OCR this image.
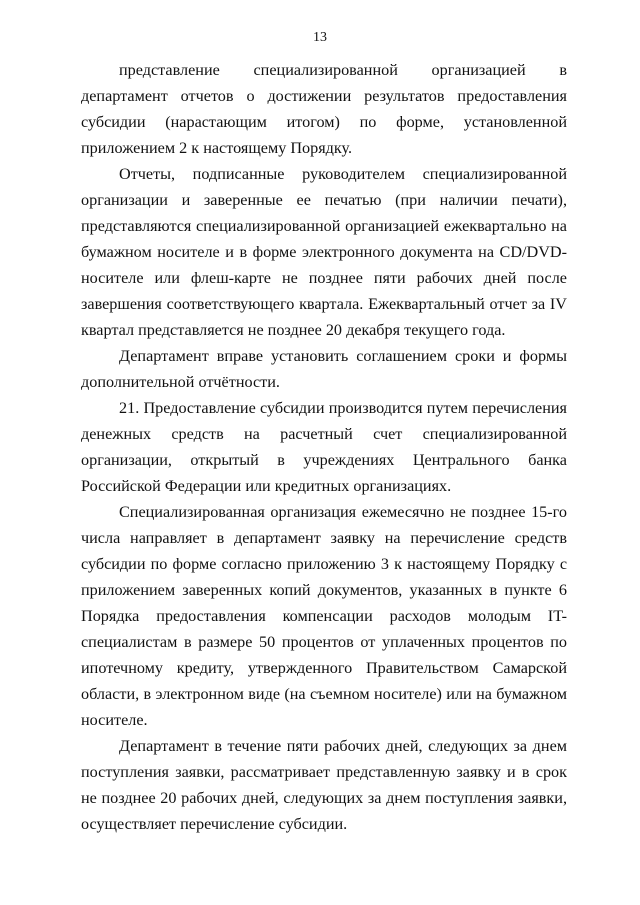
13

представление специализированной организацией в департамент отчетов о достижении результатов предоставления субсидии (нарастающим итогом) по форме, установленной приложением 2 к настоящему Порядку.

Отчеты, подписанные руководителем специализированной организации и заверенные ее печатью (при наличии печати), представляются специализированной организацией ежеквартально на бумажном носителе и в форме электронного документа на CD/DVD-носителе или флеш-карте не позднее пяти рабочих дней после завершения соответствующего квартала. Ежеквартальный отчет за IV квартал представляется не позднее 20 декабря текущего года.

Департамент вправе установить соглашением сроки и формы дополнительной отчётности.

21. Предоставление субсидии производится путем перечисления денежных средств на расчетный счет специализированной организации, открытый в учреждениях Центрального банка Российской Федерации или кредитных организациях.

Специализированная организация ежемесячно не позднее 15-го числа направляет в департамент заявку на перечисление средств субсидии по форме согласно приложению 3 к настоящему Порядку с приложением заверенных копий документов, указанных в пункте 6 Порядка предоставления компенсации расходов молодым IT-специалистам в размере 50 процентов от уплаченных процентов по ипотечному кредиту, утвержденного Правительством Самарской области, в электронном виде (на съемном носителе) или на бумажном носителе.

Департамент в течение пяти рабочих дней, следующих за днем поступления заявки, рассматривает представленную заявку и в срок не позднее 20 рабочих дней, следующих за днем поступления заявки, осуществляет перечисление субсидии.
